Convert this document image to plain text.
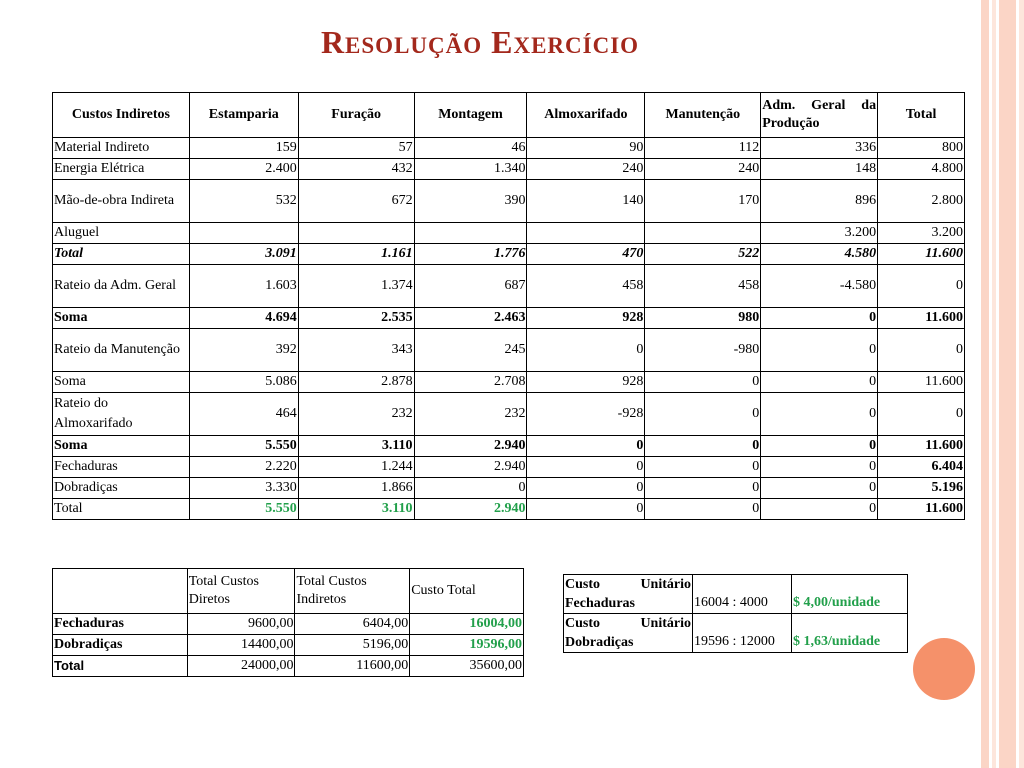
RESOLUÇÃO EXERCÍCIO
Custos Indiretos	Estamparia	Furação	Montagem	Almoxarifado	Manutenção	Adm. Geral da Produção	Total
Material Indireto	159	57	46	90	112	336	800
Energia Elétrica	2.400	432	1.340	240	240	148	4.800
Mão-de-obra Indireta	532	672	390	140	170	896	2.800
Aluguel						3.200	3.200
Total	3.091	1.161	1.776	470	522	4.580	11.600
Rateio da Adm. Geral	1.603	1.374	687	458	458	-4.580	0
Soma	4.694	2.535	2.463	928	980	0	11.600
Rateio da Manutenção	392	343	245	0	-980	0	0
Soma	5.086	2.878	2.708	928	0	0	11.600
Rateio do Almoxarifado	464	232	232	-928	0	0	0
Soma	5.550	3.110	2.940	0	0	0	11.600
Fechaduras	2.220	1.244	2.940	0	0	0	6.404
Dobradiças	3.330	1.866	0	0	0	0	5.196
Total	5.550	3.110	2.940	0	0	0	11.600
	Total Custos Diretos	Total Custos Indiretos	Custo Total
Fechaduras	9600,00	6404,00	16004,00
Dobradiças	14400,00	5196,00	19596,00
Total	24000,00	11600,00	35600,00
Custo Unitário
Fechaduras	16004 : 4000	$ 4,00/unidade

Custo Unitário
Dobradiças	19596 : 12000	$ 1,63/unidade
